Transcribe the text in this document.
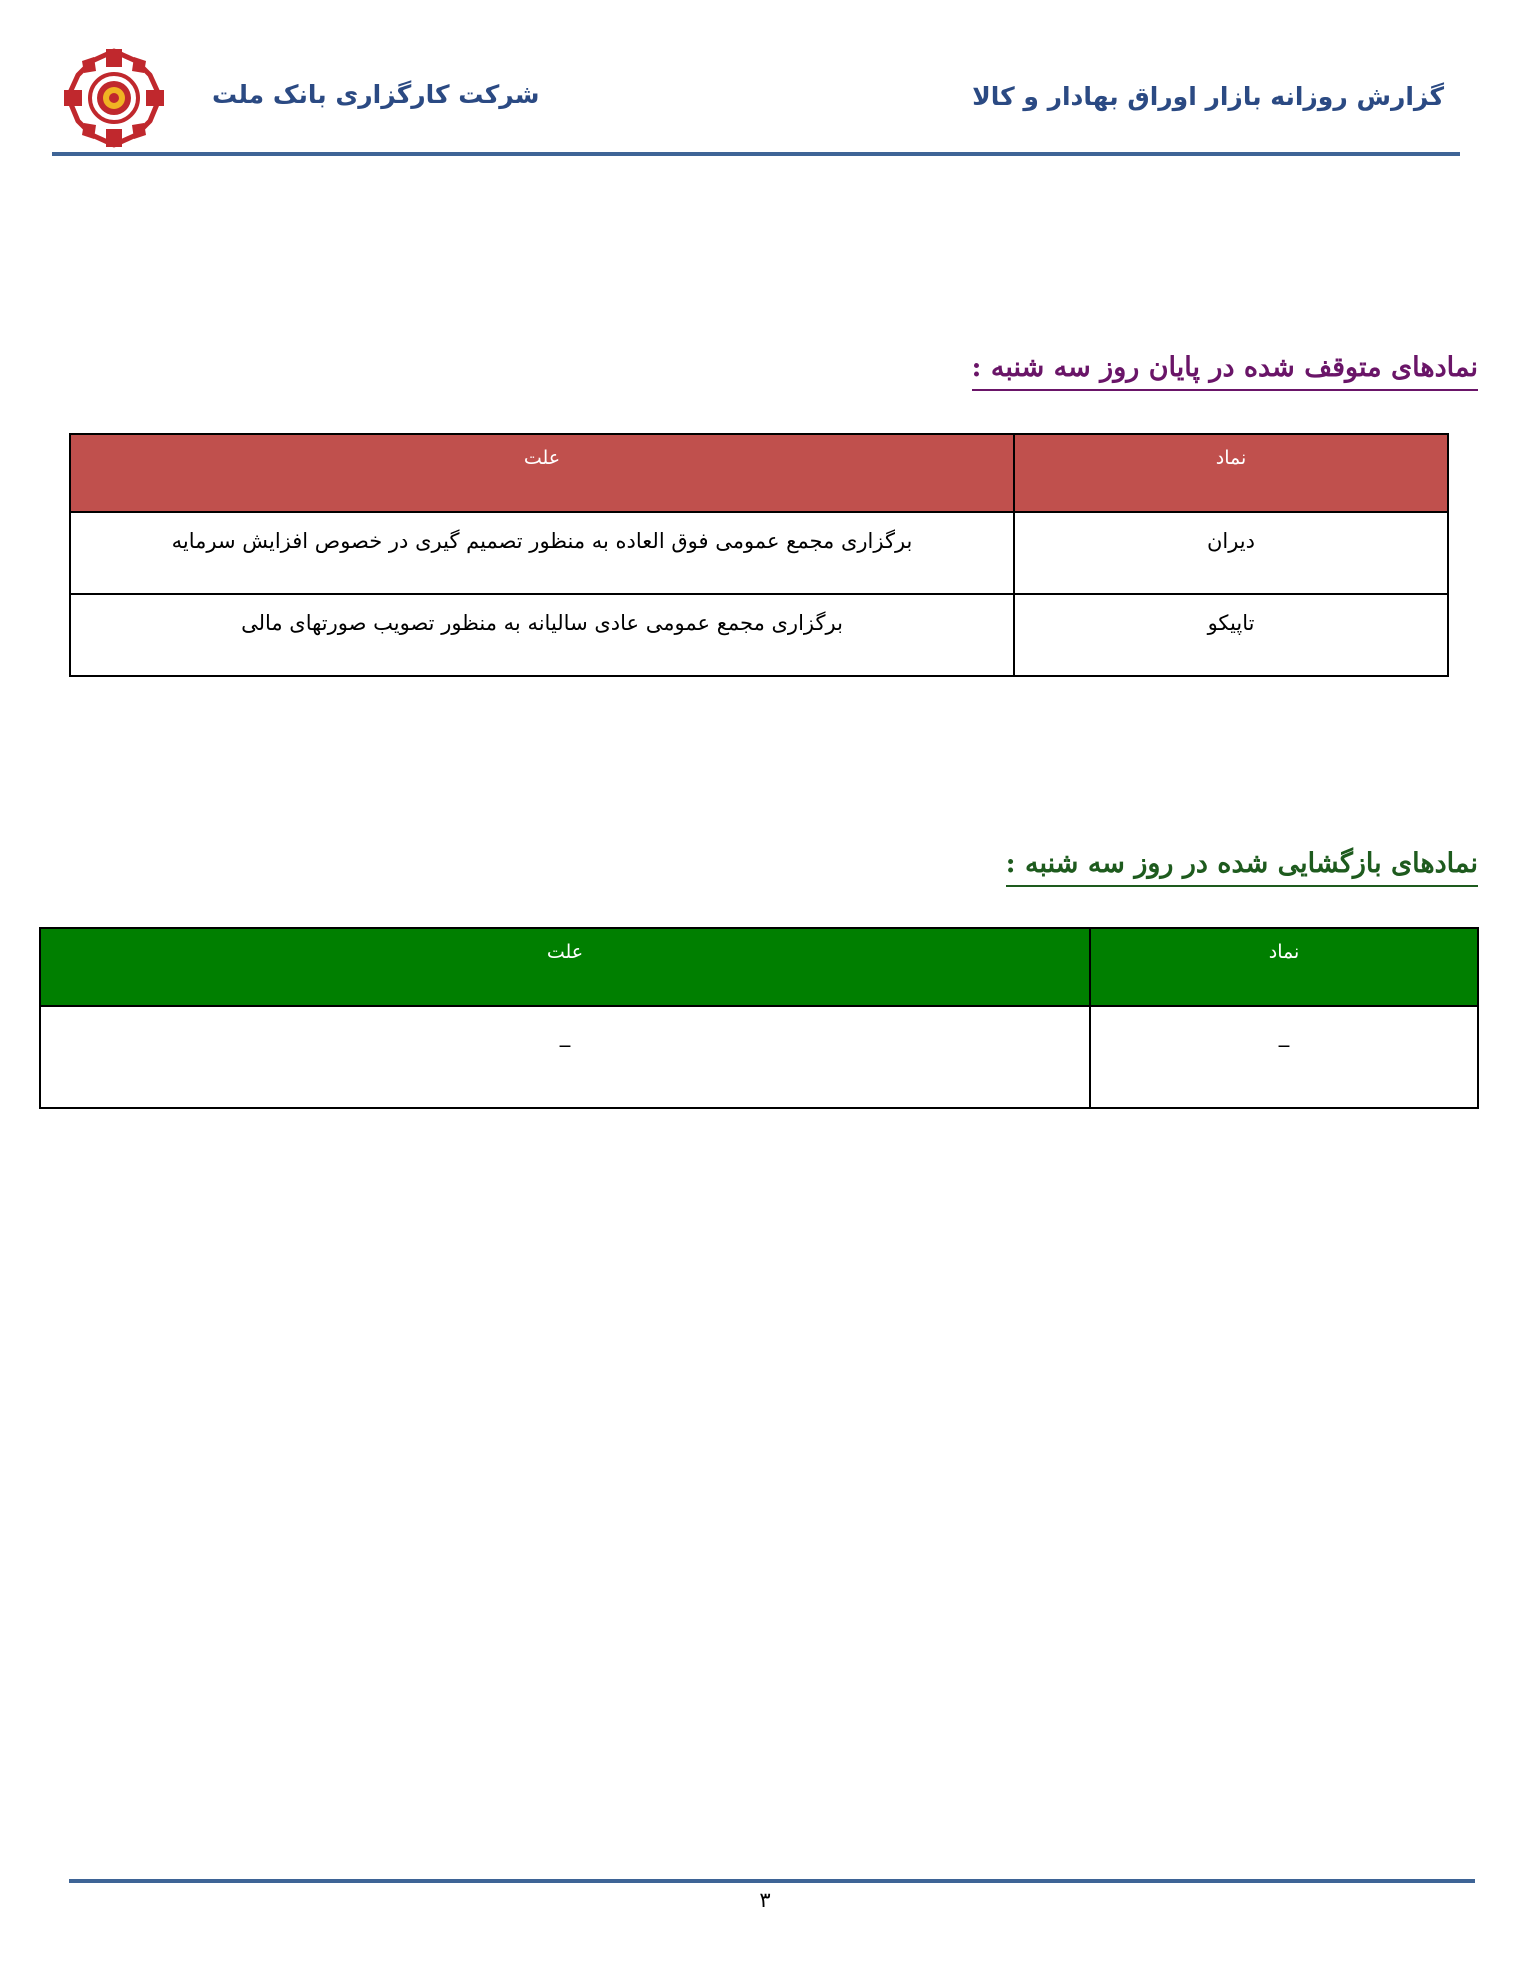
گزارش روزانه بازار اوراق بهادار و کالا
شرکت کارگزاری بانک ملت
نمادهای متوقف شده در پایان روز سه شنبه :
نماد	علت
دیران	برگزاری مجمع عمومی فوق العاده به منظور تصمیم گیری در خصوص افزایش سرمایه
تاپیکو	برگزاری مجمع عمومی عادی سالیانه به منظور تصویب صورتهای مالی
نمادهای بازگشایی شده در روز سه شنبه :
نماد	علت
_	_
۳
